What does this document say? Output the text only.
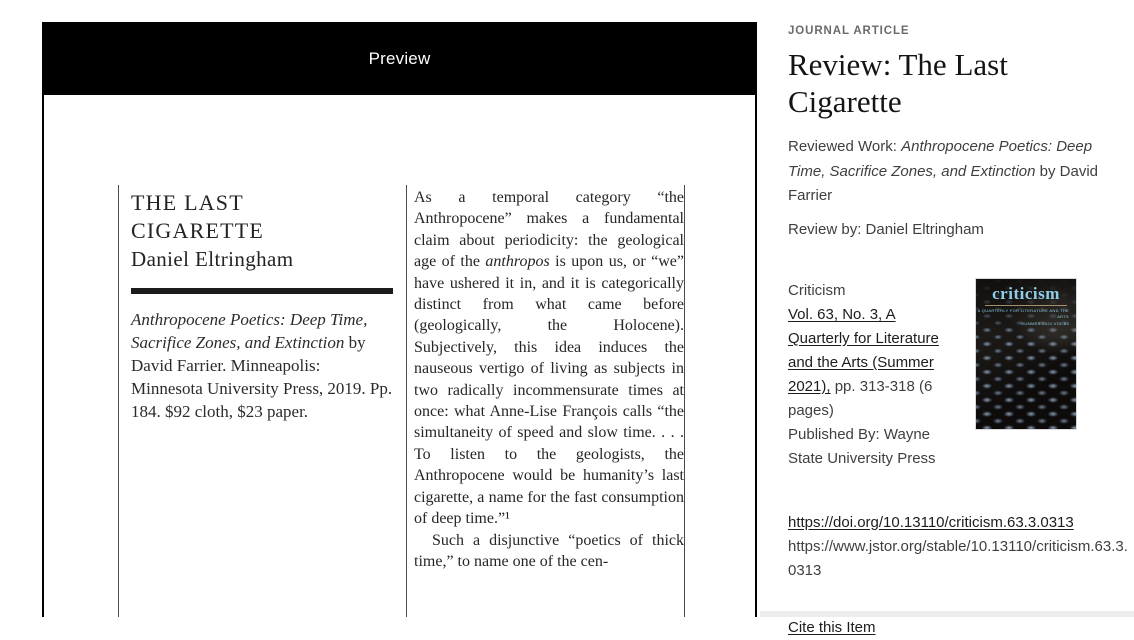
Preview
THE LAST
CIGARETTE
Daniel Eltringham
Anthropocene Poetics: Deep Time, Sacrifice Zones, and Extinction by David Farrier. Minneapolis: Minnesota University Press, 2019. Pp. 184. $92 cloth, $23 paper.

As a temporal category “the Anthropocene” makes a fundamental claim about periodicity: the geological age of the anthropos is upon us, or “we” have ushered it in, and it is categorically distinct from what came before (geologically, the Holocene). Subjectively, this idea induces the nauseous vertigo of living as subjects in two radically incommensurate times at once: what Anne-Lise François calls “the simultaneity of speed and slow time. . . . To listen to the geologists, the Anthropocene would be humanity’s last cigarette, a name for the fast consumption of deep time.”¹

Such a disjunctive “poetics of thick time,” to name one of the cen-

JOURNAL ARTICLE
Review: The Last Cigarette

Reviewed Work: Anthropocene Poetics: Deep Time, Sacrifice Zones, and Extinction by David Farrier

Review by: Daniel Eltringham

Criticism
Vol. 63, No. 3, A Quarterly for Literature and the Arts (Summer 2021), pp. 313-318 (6 pages)
Published By: Wayne State University Press
criticism
A QUARTERLY FOR LITERATURE AND THE ARTS
SUMMER 2021 VOL 63
https://doi.org/10.13110/criticism.63.3.0313
https://www.jstor.org/stable/10.13110/criticism.63.3.0313
Cite this Item
